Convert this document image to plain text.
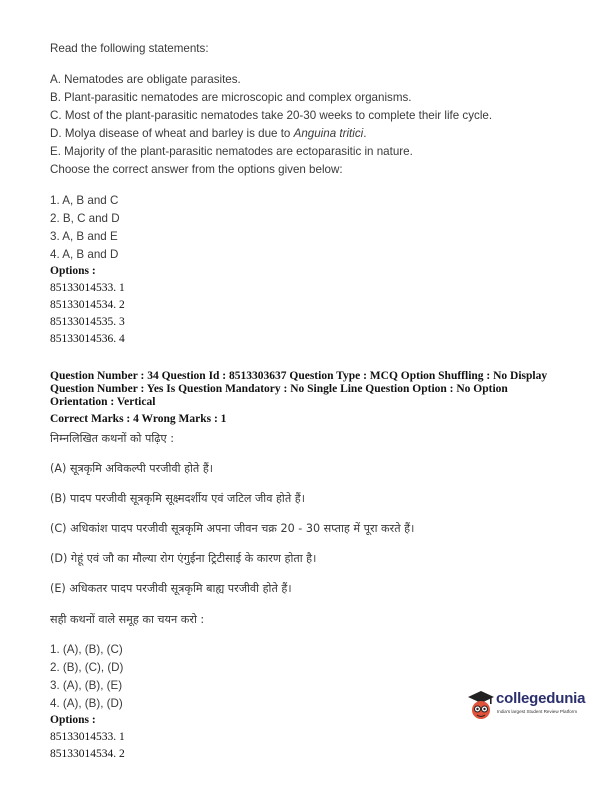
Read the following statements:
A. Nematodes are obligate parasites.
B. Plant-parasitic nematodes are microscopic and complex organisms.
C. Most of the plant-parasitic nematodes take 20-30 weeks to complete their life cycle.
D. Molya disease of wheat and barley is due to Anguina tritici.
E. Majority of the plant-parasitic nematodes are ectoparasitic in nature.
Choose the correct answer from the options given below:
1. A, B and C
2. B, C and D
3. A, B and E
4. A, B and D
Options :
85133014533. 1
85133014534. 2
85133014535. 3
85133014536. 4
Question Number : 34 Question Id : 8513303637 Question Type : MCQ Option Shuffling : No Display
Question Number : Yes Is Question Mandatory : No Single Line Question Option : No Option
Orientation : Vertical
Correct Marks : 4 Wrong Marks : 1
निम्नलिखित कथनों को पढ़िए :
(A) सूत्रकृमि अविकल्पी परजीवी होते हैं।
(B) पादप परजीवी सूत्रकृमि सूक्ष्मदर्शीय एवं जटिल जीव होते हैं।
(C) अधिकांश पादप परजीवी सूत्रकृमि अपना जीवन चक्र 20 - 30 सप्ताह में पूरा करते हैं।
(D) गेहूं एवं जौ का मौल्या रोग एंगुईना ट्रिटीसाई के कारण होता है।
(E) अधिकतर पादप परजीवी सूत्रकृमि बाह्य परजीवी होते हैं।
सही कथनों वाले समूह का चयन करो :
1. (A), (B), (C)
2. (B), (C), (D)
3. (A), (B), (E)
4. (A), (B), (D)
Options :
85133014533. 1
85133014534. 2
collegedunia
India's largest Student Review Platform
